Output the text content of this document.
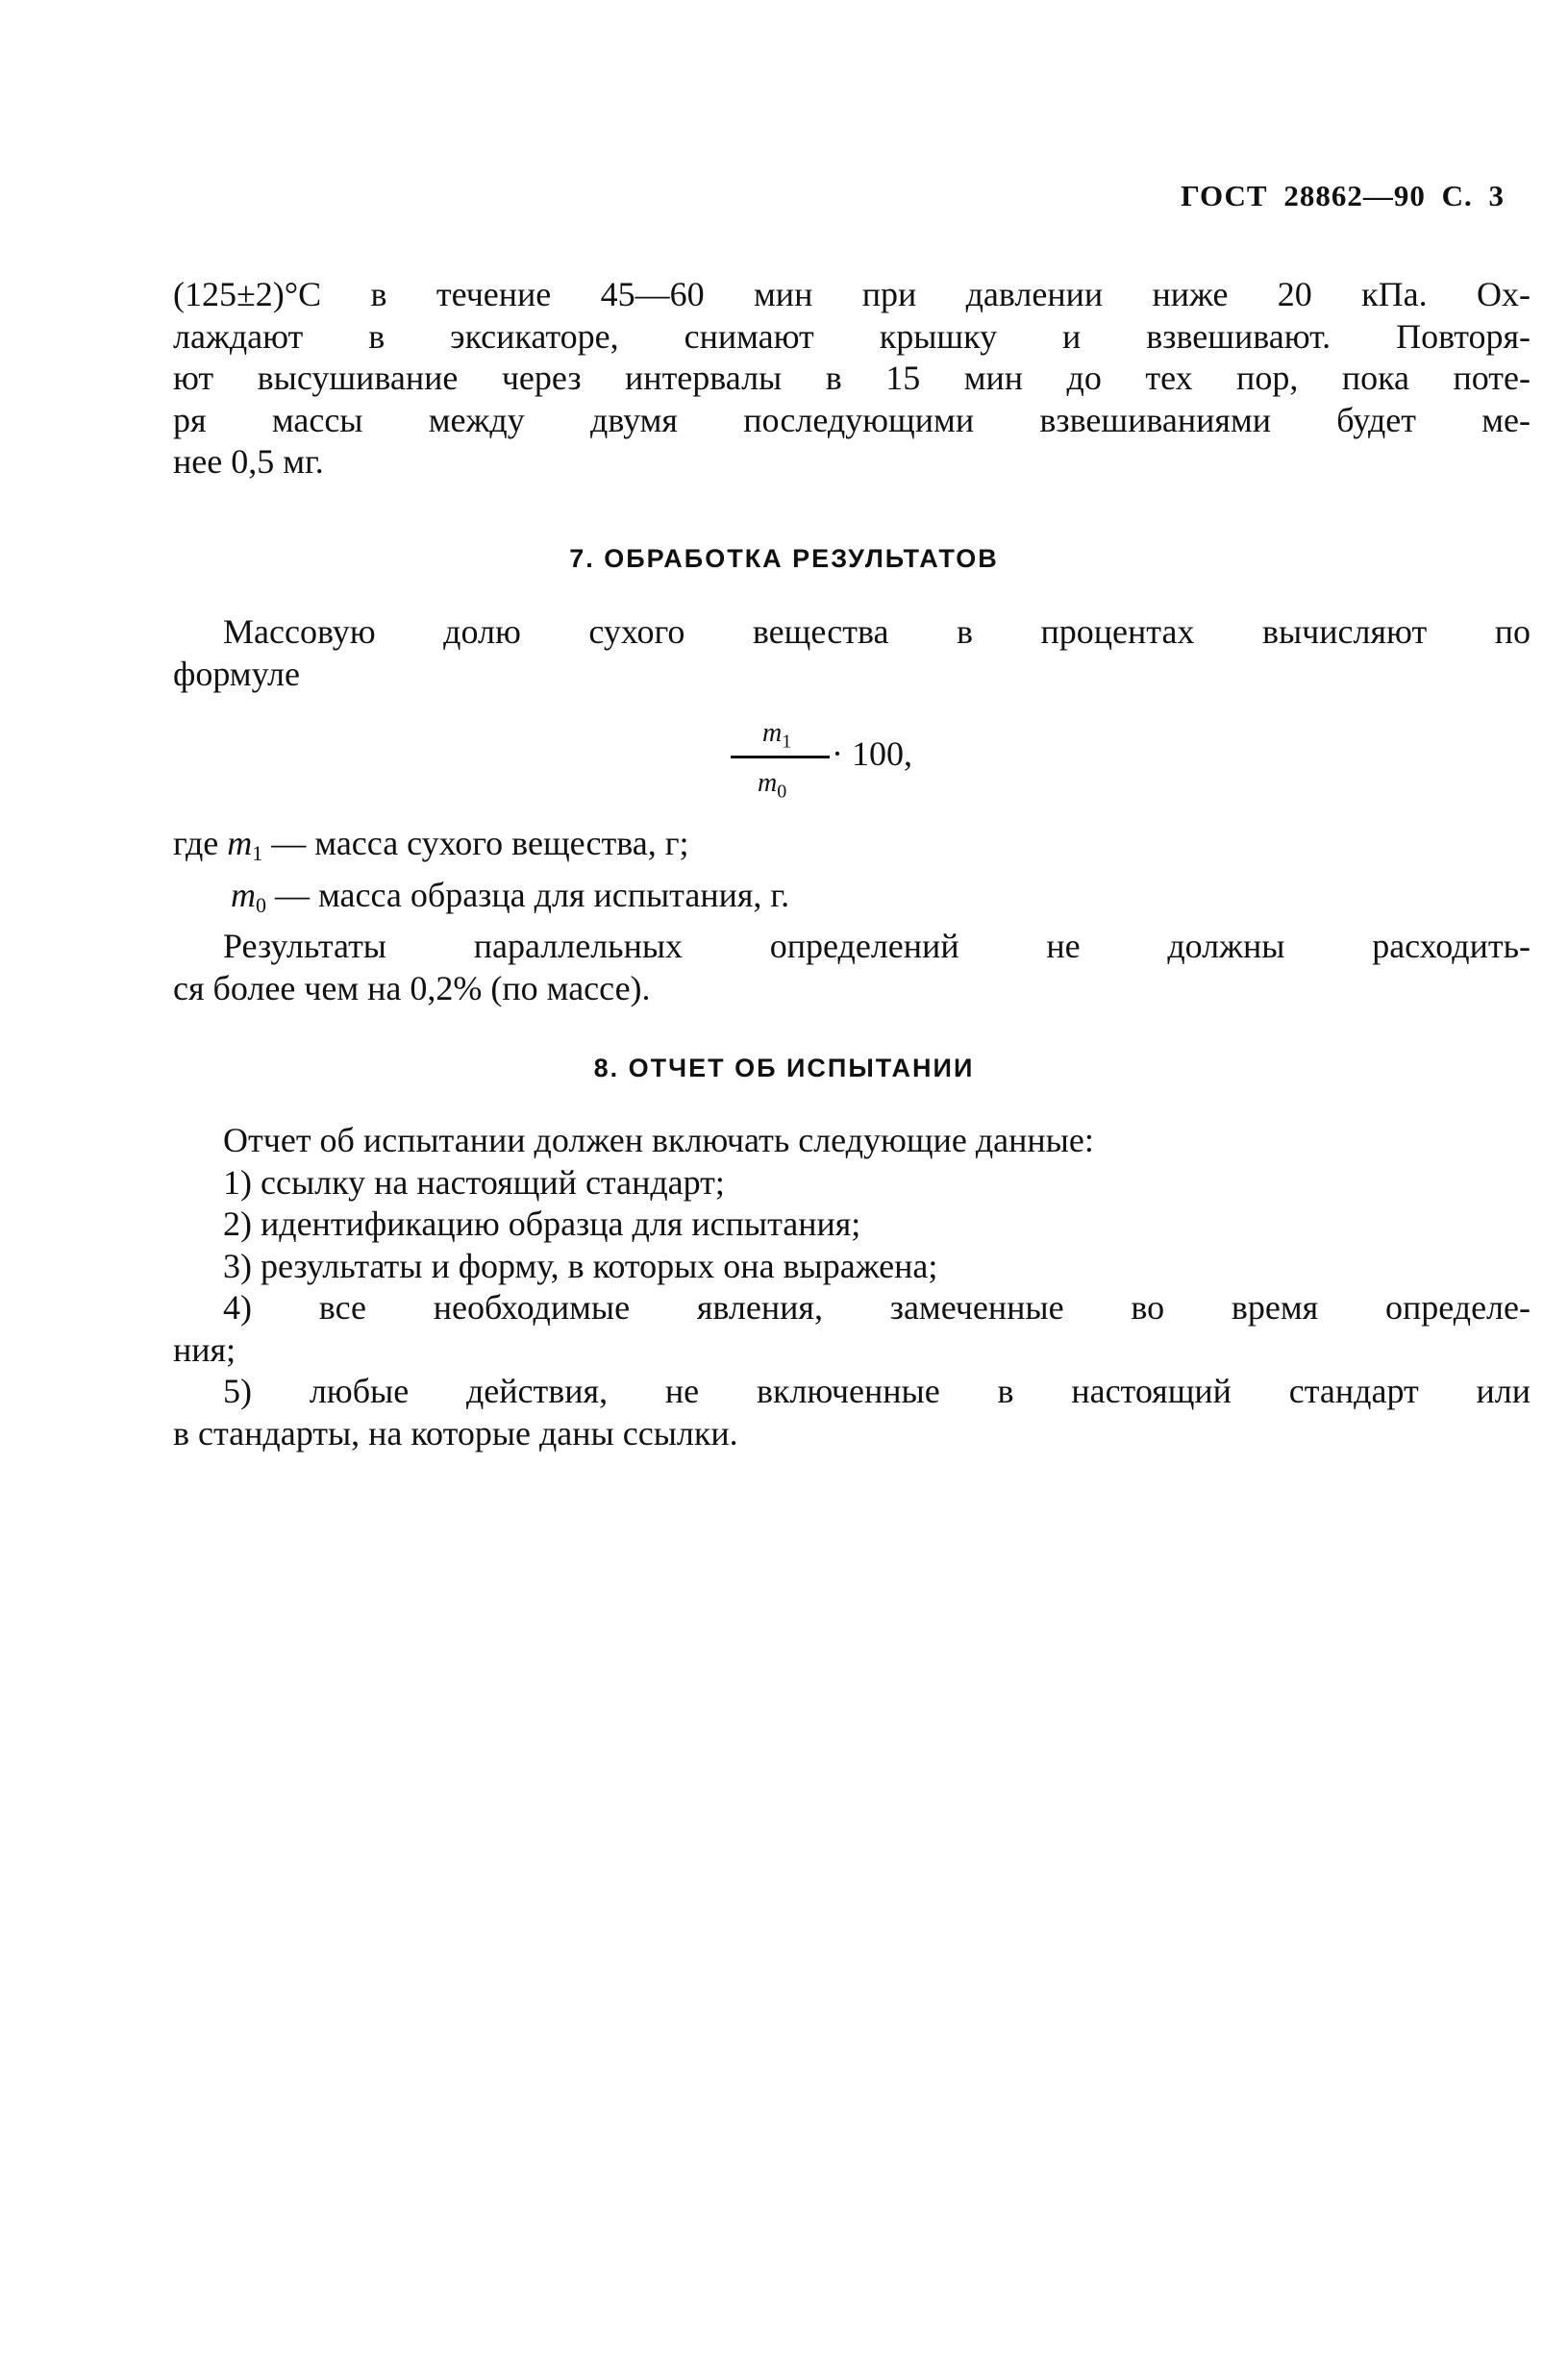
ГОСТ 28862—90 С. 3
(125±2)°С в течение 45—60 мин при давлении ниже 20 кПа. Ох-
лаждают в эксикаторе, снимают крышку и взвешивают. Повторя-
ют высушивание через интервалы в 15 мин до тех пор, пока поте-
ря массы между двумя последующими взвешиваниями будет ме-
нее 0,5 мг.
7. ОБРАБОТКА РЕЗУЛЬТАТОВ
Массовую долю сухого вещества в процентах вычисляют по
формуле
$m_1$
$m_0$
· 100,
где $m_1$ — масса сухого вещества, г;
$m_0$ — масса образца для испытания, г.
Результаты параллельных определений не должны расходить-
ся более чем на 0,2% (по массе).
8. ОТЧЕТ ОБ ИСПЫТАНИИ
Отчет об испытании должен включать следующие данные:
1) ссылку на настоящий стандарт;
2) идентификацию образца для испытания;
3) результаты и форму, в которых она выражена;
4) все необходимые явления, замеченные во время определе-
ния;
5) любые действия, не включенные в настоящий стандарт или
в стандарты, на которые даны ссылки.
